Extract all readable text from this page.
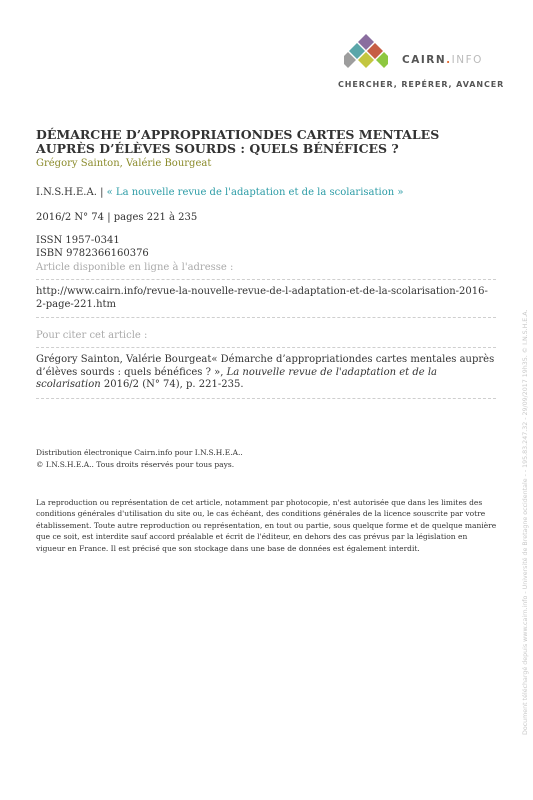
CAIRN.INFO
CHERCHER, REPÉRER, AVANCER
DÉMARCHE D’APPROPRIATIONDES CARTES MENTALES AUPRÈS D’ÉLÈVES SOURDS : QUELS BÉNÉFICES ?
Grégory Sainton, Valérie Bourgeat
I.N.S.H.E.A. | « La nouvelle revue de l'adaptation et de la scolarisation »
2016/2 N° 74 | pages 221 à 235
ISSN 1957-0341
ISBN 9782366160376
Article disponible en ligne à l'adresse :
http://www.cairn.info/revue-la-nouvelle-revue-de-l-adaptation-et-de-la-scolarisation-2016-2-page-221.htm
Pour citer cet article :
Grégory Sainton, Valérie Bourgeat« Démarche d’appropriationdes cartes mentales auprès d’élèves sourds : quels bénéfices ? », La nouvelle revue de l'adaptation et de la scolarisation 2016/2 (N° 74), p. 221-235.
Distribution électronique Cairn.info pour I.N.S.H.E.A..
© I.N.S.H.E.A.. Tous droits réservés pour tous pays.
La reproduction ou représentation de cet article, notamment par photocopie, n'est autorisée que dans les limites des conditions générales d'utilisation du site ou, le cas échéant, des conditions générales de la licence souscrite par votre établissement. Toute autre reproduction ou représentation, en tout ou partie, sous quelque forme et de quelque manière que ce soit, est interdite sauf accord préalable et écrit de l'éditeur, en dehors des cas prévus par la législation en vigueur en France. Il est précisé que son stockage dans une base de données est également interdit.	Document téléchargé depuis www.cairn.info - Université de Bretagne occidentale - - 195.83.247.32 - 29/09/2017 19h35. © I.N.S.H.E.A.
